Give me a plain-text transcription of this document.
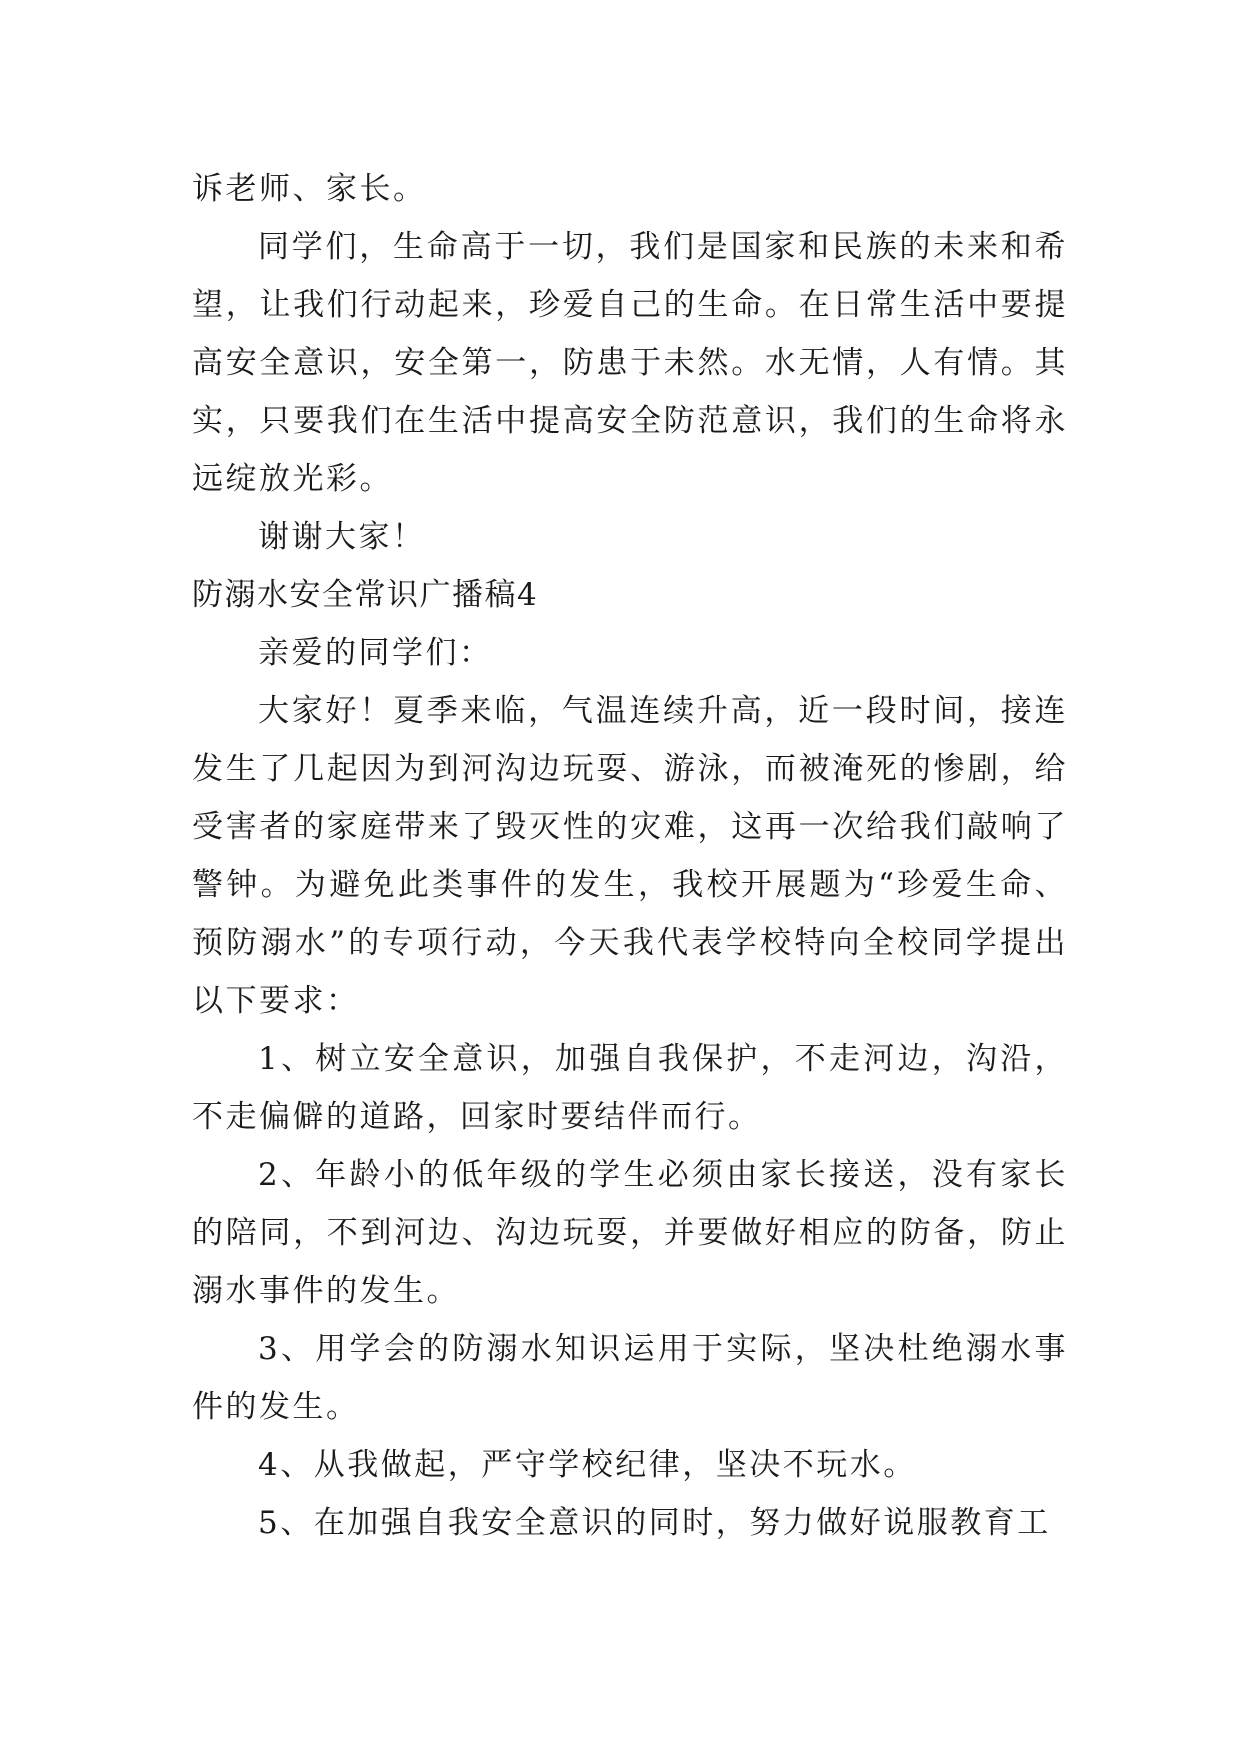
诉老师、家长。

同学们，生命高于一切，我们是国家和民族的未来和希望，让我们行动起来，珍爱自己的生命。在日常生活中要提高安全意识，安全第一，防患于未然。水无情，人有情。其实，只要我们在生活中提高安全防范意识，我们的生命将永远绽放光彩。

谢谢大家！

防溺水安全常识广播稿4

亲爱的同学们：

大家好！夏季来临，气温连续升高，近一段时间，接连发生了几起因为到河沟边玩耍、游泳，而被淹死的惨剧，给受害者的家庭带来了毁灭性的灾难，这再一次给我们敲响了警钟。为避免此类事件的发生，我校开展题为“珍爱生命、预防溺水”的专项行动，今天我代表学校特向全校同学提出以下要求：

1、树立安全意识，加强自我保护，不走河边，沟沿，不走偏僻的道路，回家时要结伴而行。

2、年龄小的低年级的学生必须由家长接送，没有家长的陪同，不到河边、沟边玩耍，并要做好相应的防备，防止溺水事件的发生。

3、用学会的防溺水知识运用于实际，坚决杜绝溺水事件的发生。

4、从我做起，严守学校纪律，坚决不玩水。

5、在加强自我安全意识的同时，努力做好说服教育工
